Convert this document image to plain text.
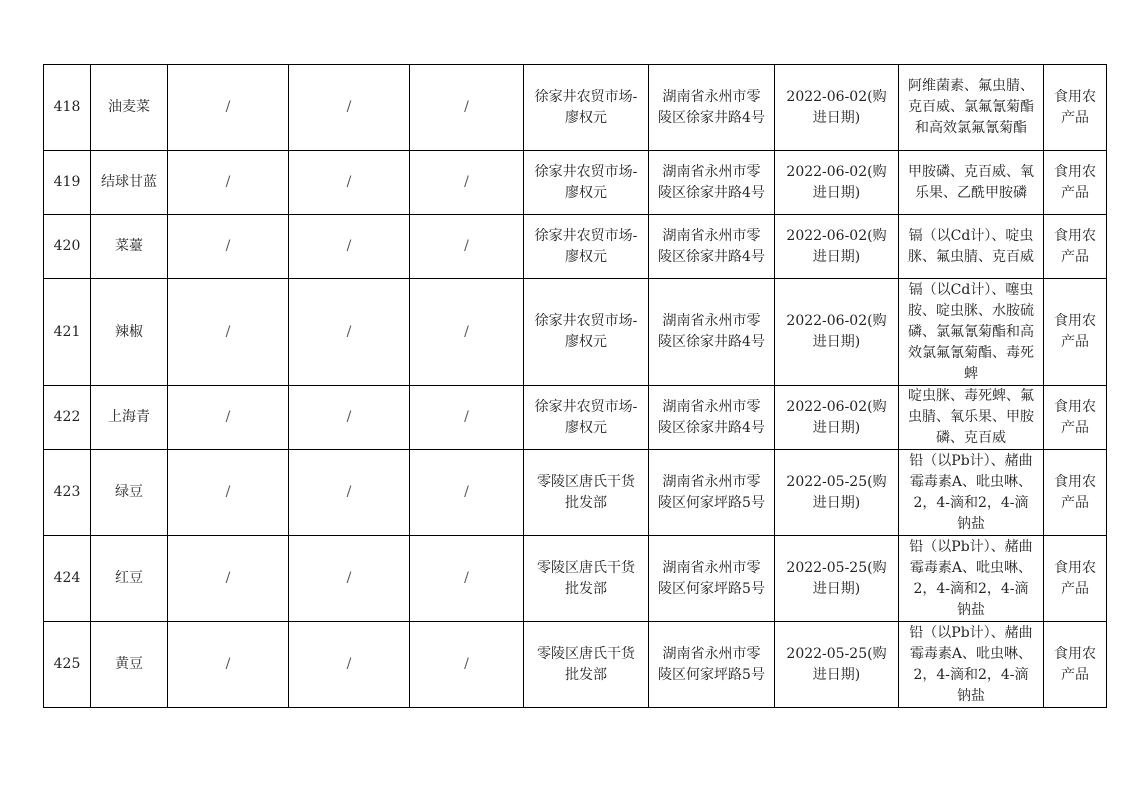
418	油麦菜	/	/	/	徐家井农贸市场-廖权元	湖南省永州市零陵区徐家井路4号	2022-06-02(购进日期)	阿维菌素、氟虫腈、克百威、氯氟氰菊酯和高效氯氟氰菊酯	食用农产品
419	结球甘蓝	/	/	/	徐家井农贸市场-廖权元	湖南省永州市零陵区徐家井路4号	2022-06-02(购进日期)	甲胺磷、克百威、氧乐果、乙酰甲胺磷	食用农产品
420	菜薹	/	/	/	徐家井农贸市场-廖权元	湖南省永州市零陵区徐家井路4号	2022-06-02(购进日期)	镉（以Cd计）、啶虫脒、氟虫腈、克百威	食用农产品
421	辣椒	/	/	/	徐家井农贸市场-廖权元	湖南省永州市零陵区徐家井路4号	2022-06-02(购进日期)	镉（以Cd计）、噻虫胺、啶虫脒、水胺硫磷、氯氟氰菊酯和高效氯氟氰菊酯、毒死蜱	食用农产品
422	上海青	/	/	/	徐家井农贸市场-廖权元	湖南省永州市零陵区徐家井路4号	2022-06-02(购进日期)	啶虫脒、毒死蜱、氟虫腈、氧乐果、甲胺磷、克百威	食用农产品
423	绿豆	/	/	/	零陵区唐氏干货批发部	湖南省永州市零陵区何家坪路5号	2022-05-25(购进日期)	铅（以Pb计）、赭曲霉毒素A、吡虫啉、2，4-滴和2，4-滴钠盐	食用农产品
424	红豆	/	/	/	零陵区唐氏干货批发部	湖南省永州市零陵区何家坪路5号	2022-05-25(购进日期)	铅（以Pb计）、赭曲霉毒素A、吡虫啉、2，4-滴和2，4-滴钠盐	食用农产品
425	黄豆	/	/	/	零陵区唐氏干货批发部	湖南省永州市零陵区何家坪路5号	2022-05-25(购进日期)	铅（以Pb计）、赭曲霉毒素A、吡虫啉、2，4-滴和2，4-滴钠盐	食用农产品
